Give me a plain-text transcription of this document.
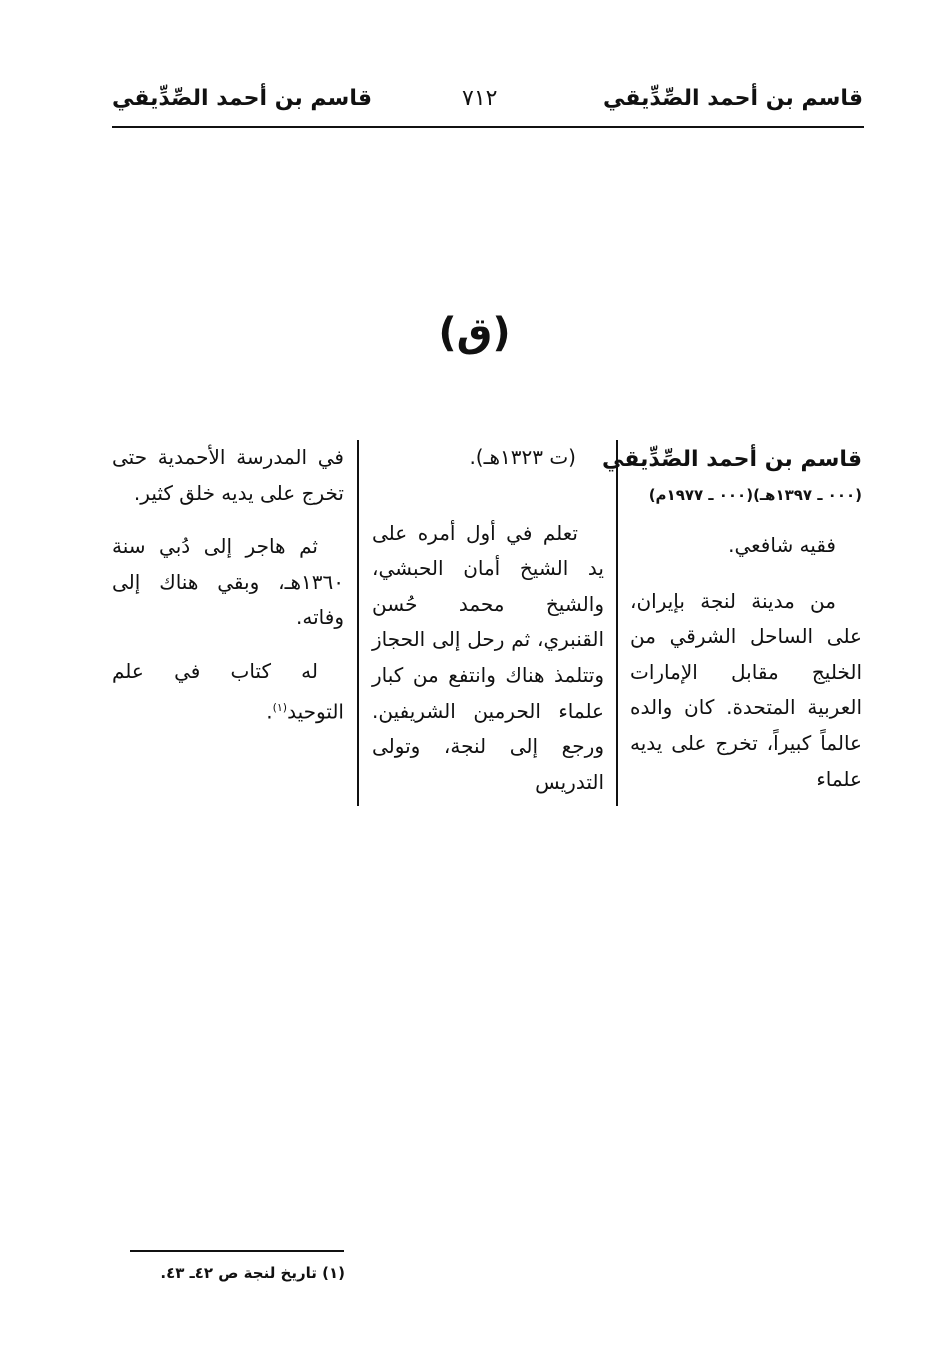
قاسم بن أحمد الصِّدِّيقي
٧١٢
قاسم بن أحمد الصِّدِّيقي
(ق)

قاسم بن أحمد الصِّدِّيقي

(٠٠٠ ـ ١٣٩٧هـ)(٠٠٠ ـ ١٩٧٧م)

فقيه شافعي.

من مدينة لنجة بإيران، على الساحل الشرقي من الخليج مقابل الإمارات العربية المتحدة. كان والده عالماً كبيراً، تخرج على يديه علماء

(ت ١٣٢٣هـ).

تعلم في أول أمره على يد الشيخ أمان الحبشي، والشيخ محمد حُسن القنبري، ثم رحل إلى الحجاز وتتلمذ هناك وانتفع من كبار علماء الحرمين الشريفين. ورجع إلى لنجة، وتولى التدريس

في المدرسة الأحمدية حتى تخرج على يديه خلق كثير.

ثم هاجر إلى دُبي سنة ١٣٦٠هـ، وبقي هناك إلى وفاته.

له كتاب في علم التوحيد$^{(١)}$.

(١) تاريخ لنجة ص ٤٢ـ ٤٣.
